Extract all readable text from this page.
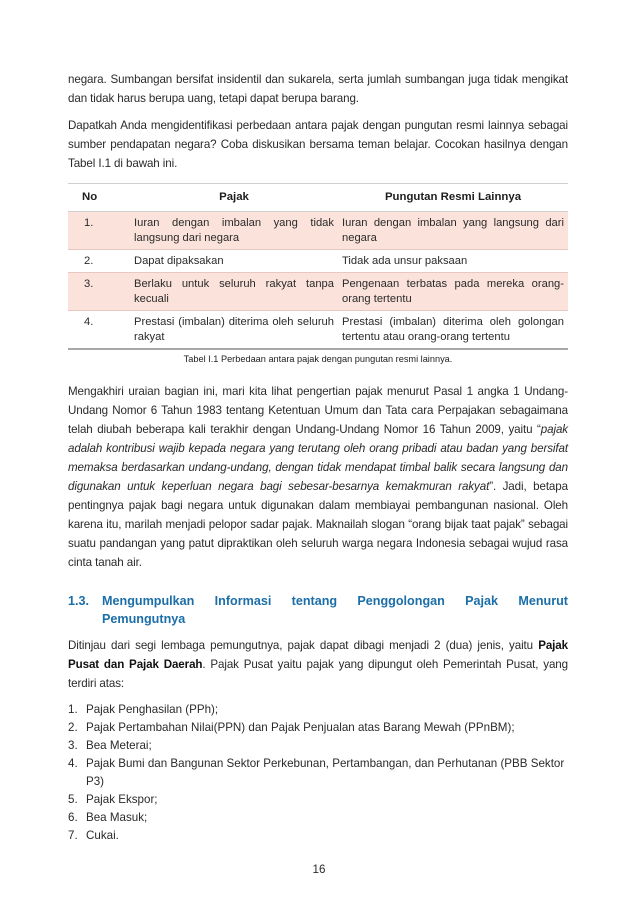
negara. Sumbangan bersifat insidentil dan sukarela, serta jumlah sumbangan juga tidak mengikat dan tidak harus berupa uang, tetapi dapat berupa barang.

Dapatkah Anda mengidentifikasi perbedaan antara pajak dengan pungutan resmi lainnya sebagai sumber pendapatan negara? Coba diskusikan bersama teman belajar. Cocokan hasilnya dengan Tabel I.1 di bawah ini.

No	Pajak	Pungutan Resmi Lainnya
1.	Iuran dengan imbalan yang tidak langsung dari negara	Iuran dengan imbalan yang langsung dari negara
2.	Dapat dipaksakan	Tidak ada unsur paksaan
3.	Berlaku untuk seluruh rakyat tanpa kecuali	Pengenaan terbatas pada mereka orang-orang tertentu
4.	Prestasi (imbalan) diterima oleh seluruh rakyat	Prestasi (imbalan) diterima oleh golongan tertentu atau orang-orang tertentu
Tabel I.1 Perbedaan antara pajak dengan pungutan resmi lainnya.

Mengakhiri uraian bagian ini, mari kita lihat pengertian pajak menurut Pasal 1 angka 1 Undang-Undang Nomor 6 Tahun 1983 tentang Ketentuan Umum dan Tata cara Perpajakan sebagaimana telah diubah beberapa kali terakhir dengan Undang-Undang Nomor 16 Tahun 2009, yaitu “pajak adalah kontribusi wajib kepada negara yang terutang oleh orang pribadi atau badan yang bersifat memaksa berdasarkan undang-undang, dengan tidak mendapat timbal balik secara langsung dan digunakan untuk keperluan negara bagi sebesar-besarnya kemakmuran rakyat”. Jadi, betapa pentingnya pajak bagi negara untuk digunakan dalam membiayai pembangunan nasional. Oleh karena itu, marilah menjadi pelopor sadar pajak. Maknailah slogan “orang bijak taat pajak” sebagai suatu pandangan yang patut dipraktikan oleh seluruh warga negara Indonesia sebagai wujud rasa cinta tanah air.

1.3.	Mengumpulkan Informasi tentang Penggolongan Pajak Menurut
Pemungutnya

Ditinjau dari segi lembaga pemungutnya, pajak dapat dibagi menjadi 2 (dua) jenis, yaitu Pajak Pusat dan Pajak Daerah. Pajak Pusat yaitu pajak yang dipungut oleh Pemerintah Pusat, yang terdiri atas:

1. Pajak Penghasilan (PPh);
2. Pajak Pertambahan Nilai(PPN) dan Pajak Penjualan atas Barang Mewah (PPnBM);
3. Bea Meterai;
4. Pajak Bumi dan Bangunan Sektor Perkebunan, Pertambangan, dan Perhutanan (PBB Sektor P3)
5. Pajak Ekspor;
6. Bea Masuk;
7. Cukai.
16
